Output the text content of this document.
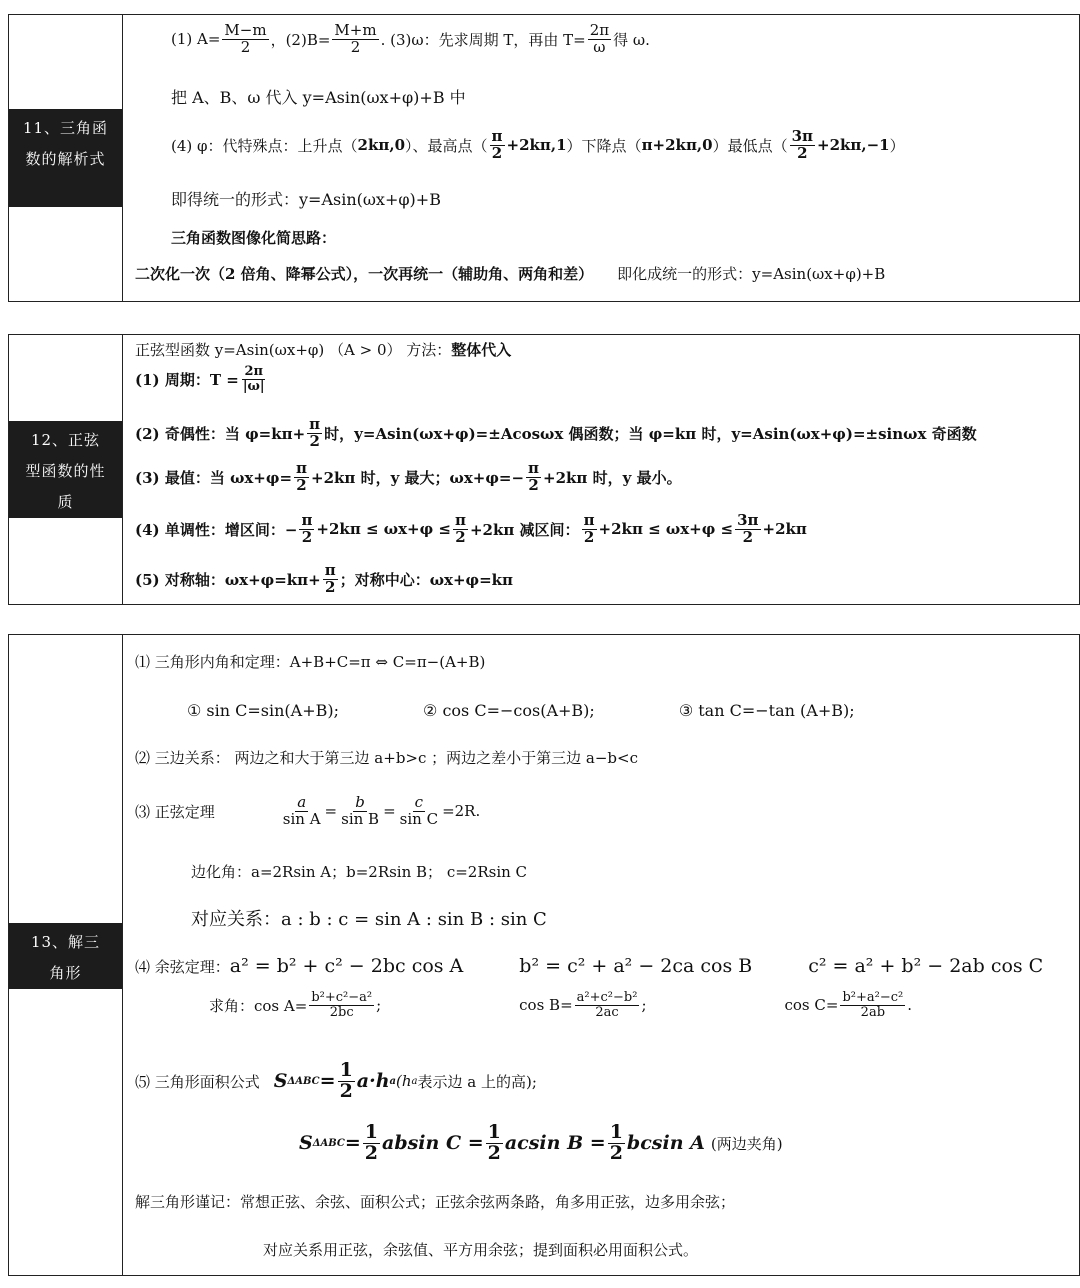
11、三角函数的解析式
(1) $A= \frac{M-m}{2}$ ，$(2)B= \frac{M+m}{2}$ . (3)ω：先求周期 T，再由 $T= \frac{2\pi}{\omega}$ 得 ω.
把 A、B、ω 代入 y=Asin(ωx+φ)+B 中
(4) φ：代特殊点：上升点（ 2kπ,0 ）、最高点（ $\frac{\pi}{2} +2k\pi,1$ ）下降点（ π+2kπ,0 ）最低点（ $\frac{3\pi}{2} +2k\pi,-1$ ）
即得统一的形式：y=Asin(ωx+φ)+B
三角函数图像化简思路：
二次化一次（2 倍角、降幂公式），一次再统一（辅助角、两角和差） 即化成统一的形式：y=Asin(ωx+φ)+B
12、正弦型函数的性质
正弦型函数 y=Asin(ωx+φ) （A > 0） 方法： 整体代入
(1) 周期：$T = \frac{2\pi}{|\omega|}$
(2) 奇偶性：当 $\varphi=k\pi+ \frac{\pi}{2}$ 时，y=Asin(ωx+φ)=±Acosωx 偶函数；当 φ=kπ 时，y=Asin(ωx+φ)=±sinωx 奇函数
(3) 最值：当 $\omega x+\varphi= \frac{\pi}{2} +2k\pi$ 时，y 最大；$\omega x+\varphi=- \frac{\pi}{2} +2k\pi$ 时，y 最小。
(4) 单调性：增区间：− $\frac{\pi}{2} +2k\pi \le \omega x+\varphi \le \frac{\pi}{2} +2k\pi$ 减区间： $\frac{\pi}{2} +2k\pi \le \omega x+\varphi \le \frac{3\pi}{2} +2k\pi$
(5) 对称轴：$\omega x+\varphi=k\pi+ \frac{\pi}{2}$ ；对称中心：ωx+φ=kπ
13、解三角形
⑴ 三角形内角和定理：A+B+C=π ⇔ C=π−(A+B)
① sin C=sin(A+B);	② cos C=−cos(A+B);	③ tan C=−tan (A+B);
⑵ 三边关系： 两边之和大于第三边 a+b>c ；两边之差小于第三边 a−b<c
⑶ 正弦定理	$\frac{a}{\text{sin A}} = \frac{b}{\text{sin B}} = \frac{c}{\text{sin C}} =2R$.
边化角：a=2Rsin A；b=2Rsin B； c=2Rsin C
对应关系：a : b : c = sin A : sin B : sin C
⑷ 余弦定理： a² = b² + c² − 2bc cos A	b² = c² + a² − 2ca cos B	c² = a² + b² − 2ab cos C
求角：$\cos A= \frac{\text{b²+c²−a²}}{2bc}$ ;	$\cos B= \frac{\text{a²+c²−b²}}{2ac}$ ;	$\cos C= \frac{\text{b²+a²−c²}}{2ab}$ .
⑸ 三角形面积公式 S $\Delta ABC = \frac{1}{2} a\cdot h$ a (h a 表示边 a 上的高);
S $\Delta ABC = \frac{1}{2}$ absin $C = \frac{1}{2}$ acsin $B = \frac{1}{2}$ bcsin A (两边夹角)
解三角形谨记：常想正弦、余弦、面积公式；正弦余弦两条路，角多用正弦，边多用余弦；
对应关系用正弦，余弦值、平方用余弦；提到面积必用面积公式。
